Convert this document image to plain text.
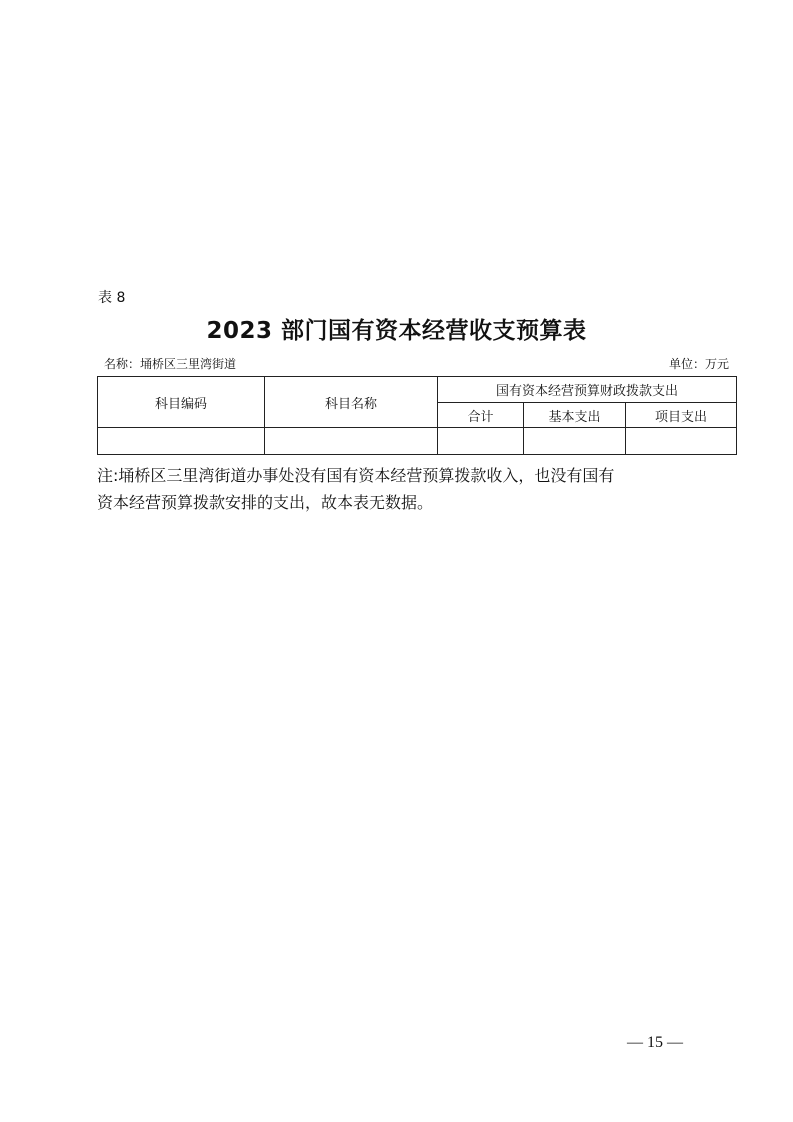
表 8
2023 部门国有资本经营收支预算表
名称：埇桥区三里湾街道	单位：万元
科目编码	科目名称	国有资本经营预算财政拨款支出		
		合计	基本支出	项目支出

注:埇桥区三里湾街道办事处没有国有资本经营预算拨款收入，也没有国有
资本经营预算拨款安排的支出，故本表无数据。
— 15 —
